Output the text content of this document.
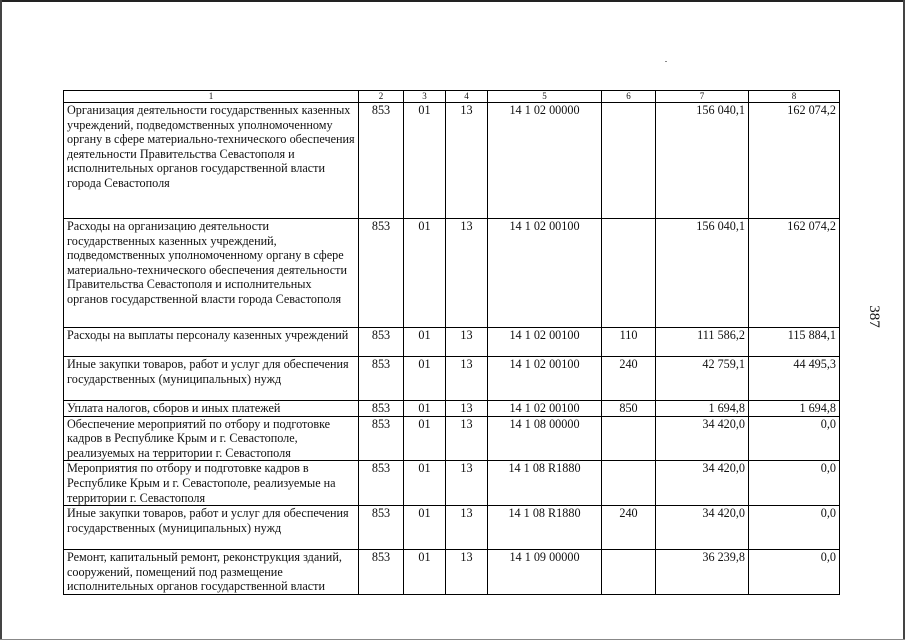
1	2	3	4	5	6	7	8
Организация деятельности государственных казенных учреждений, подведомственных уполномоченному органу в сфере материально-технического обеспечения деятельности Правительства Севастополя и исполнительных органов государственной власти города Севастополя	853	01	13	14 1 02 00000		156 040,1	162 074,2
Расходы на организацию деятельности государственных казенных учреждений, подведомственных уполномоченному органу в сфере материально-технического обеспечения деятельности Правительства Севастополя и исполнительных органов государственной власти города Севастополя	853	01	13	14 1 02 00100		156 040,1	162 074,2
Расходы на выплаты персоналу казенных учреждений	853	01	13	14 1 02 00100	110	111 586,2	115 884,1
Иные закупки товаров, работ и услуг для обеспечения государственных (муниципальных) нужд	853	01	13	14 1 02 00100	240	42 759,1	44 495,3
Уплата налогов, сборов и иных платежей	853	01	13	14 1 02 00100	850	1 694,8	1 694,8
Обеспечение мероприятий по отбору и подготовке кадров в Республике Крым и г. Севастополе, реализуемых на территории г. Севастополя	853	01	13	14 1 08 00000		34 420,0	0,0
Мероприятия по отбору и подготовке кадров в Республике Крым и г. Севастополе, реализуемые на территории г. Севастополя	853	01	13	14 1 08 R1880		34 420,0	0,0
Иные закупки товаров, работ и услуг для обеспечения государственных (муниципальных) нужд	853	01	13	14 1 08 R1880	240	34 420,0	0,0
Ремонт, капитальный ремонт, реконструкция зданий, сооружений, помещений под размещение исполнительных органов государственной власти	853	01	13	14 1 09 00000		36 239,8	0,0
387
